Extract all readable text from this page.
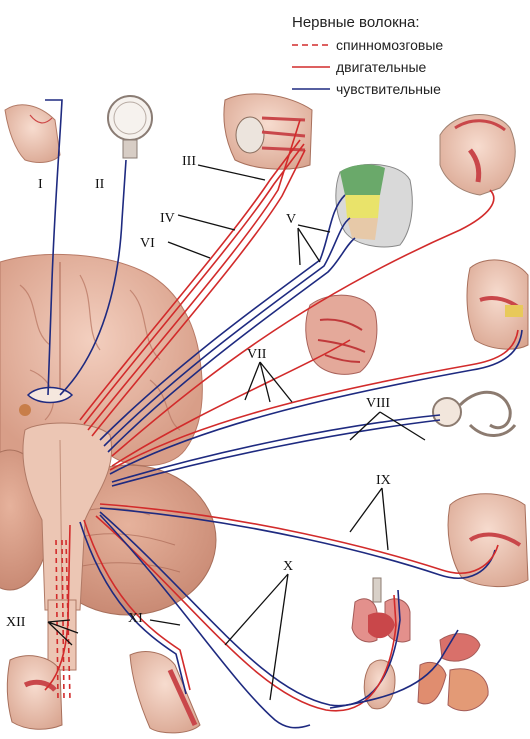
Нервные волокна:
спинномозговые
двигательные
чувствительные
I	II
III
IV	V
VI
VII
VIII
IX
X
XI
XII
